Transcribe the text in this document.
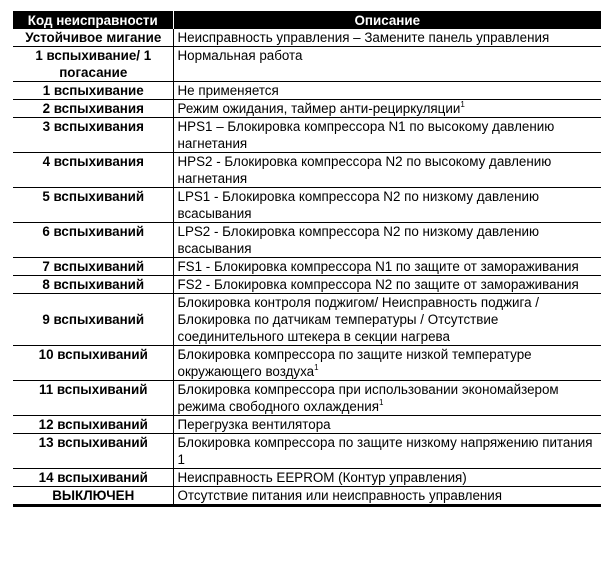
Код неисправности	Описание
Устойчивое мигание	Неисправность управления – Замените панель управления
1 вспыхивание/ 1 погасание	Нормальная работа
1 вспыхивание	Не применяется
2 вспыхивания	Режим ожидания, таймер анти-рециркуляции$^1$
3 вспыхивания	HPS1 – Блокировка компрессора N1 по высокому давлению нагнетания
4 вспыхивания	HPS2 - Блокировка компрессора N2 по высокому давлению нагнетания
5 вспыхиваний	LPS1 - Блокировка компрессора N2 по низкому давлению всасывания
6 вспыхиваний	LPS2 - Блокировка компрессора N2 по низкому давлению всасывания
7 вспыхиваний	FS1 - Блокировка компрессора N1 по защите от замораживания
8 вспыхиваний	FS2 - Блокировка компрессора N2 по защите от замораживания
9 вспыхиваний	Блокировка контроля поджигом/ Неисправность поджига / Блокировка по датчикам температуры / Отсутствие соединительного штекера в секции нагрева
10 вспыхиваний	Блокировка компрессора по защите низкой температуре окружающего воздуха$^1$
11 вспыхиваний	Блокировка компрессора при использовании экономайзером режима свободного охлаждения$^1$
12 вспыхиваний	Перегрузка вентилятора
13 вспыхиваний	Блокировка компрессора по защите низкому напряжению питания 1
14 вспыхиваний	Неисправность EEPROM (Контур управления)
ВЫКЛЮЧЕН	Отсутствие питания или неисправность управления
